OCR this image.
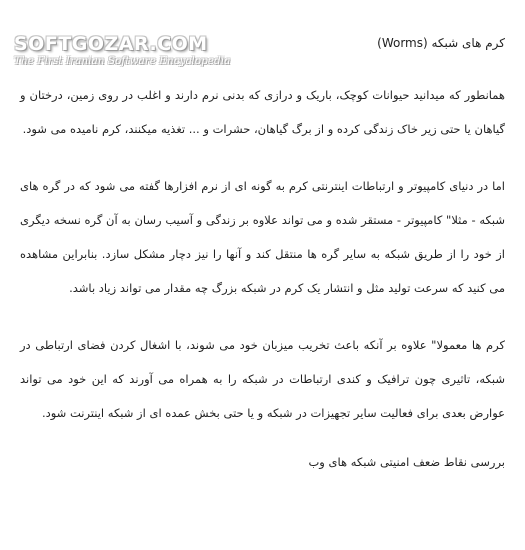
SOFTGOZAR.COM
The First Iranian Software Encyclopedia
کرم های شبکه (Worms)

همانطور که میدانید حیوانات کوچک، باریک و درازی که بدنی نرم دارند و اغلب در روی زمین، درختان و گیاهان یا حتی زیر خاک زندگی کرده و از برگ گیاهان، حشرات و ... تغذیه میکنند، کرم نامیده می شود.

اما در دنیای کامپیوتر و ارتباطات اینترنتی کرم به گونه ای از نرم افزارها گفته می شود که در گره های شبکه - مثلا" کامپیوتر - مستقر شده و می تواند علاوه بر زندگی و آسیب رسان به آن گره نسخه دیگری از خود را از طریق شبکه به سایر گره ها منتقل کند و آنها را نیز دچار مشکل سازد. بنابراین مشاهده می کنید که سرعت تولید مثل و انتشار یک کرم در شبکه بزرگ چه مقدار می تواند زیاد باشد.

کرم ها معمولا" علاوه بر آنکه باعث تخریب میزبان خود می شوند، با اشغال کردن فضای ارتباطی در شبکه، تاثیری چون ترافیک و کندی ارتباطات در شبکه را به همراه می آورند که این خود می تواند عوارض بعدی برای فعالیت سایر تجهیزات در شبکه و یا حتی بخش عمده ای از شبکه اینترنت شود.

بررسی نقاط ضعف امنیتی شبکه های وب
